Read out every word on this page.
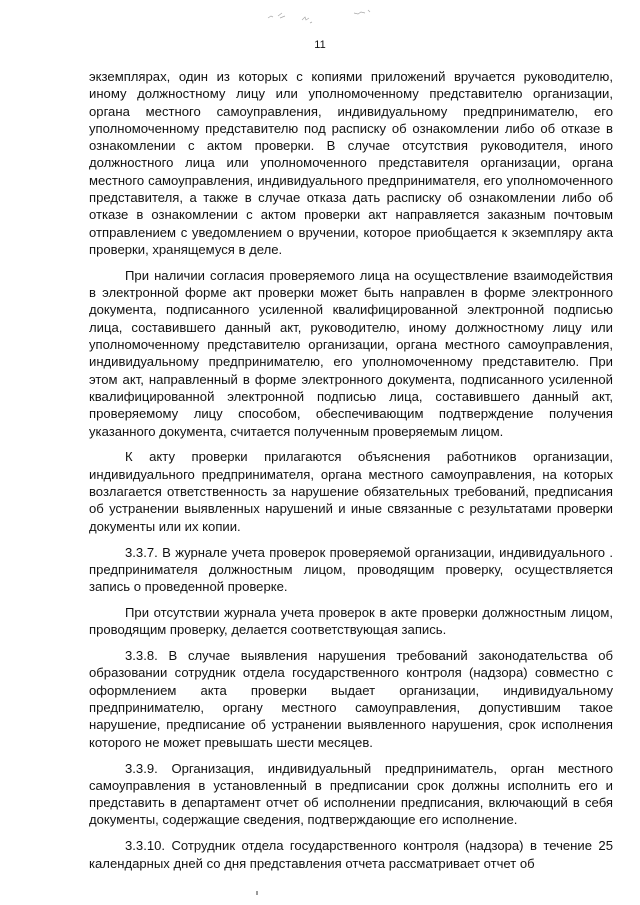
11

экземплярах, один из которых с копиями приложений вручается руководителю, иному должностному лицу или уполномоченному представителю организации, органа местного самоуправления, индивидуальному предпринимателю, его уполномоченному представителю под расписку об ознакомлении либо об отказе в ознакомлении с актом проверки. В случае отсутствия руководителя, иного должностного лица или уполномоченного представителя организации, органа местного самоуправления, индивидуального предпринимателя, его уполномоченного представителя, а также в случае отказа дать расписку об ознакомлении либо об отказе в ознакомлении с актом проверки акт направляется заказным почтовым отправлением с уведомлением о вручении, которое приобщается к экземпляру акта проверки, хранящемуся в деле.

При наличии согласия проверяемого лица на осуществление взаимодействия в электронной форме акт проверки может быть направлен в форме электронного документа, подписанного усиленной квалифицированной электронной подписью лица, составившего данный акт, руководителю, иному должностному лицу или уполномоченному представителю организации, органа местного самоуправления, индивидуальному предпринимателю, его уполномоченному представителю. При этом акт, направленный в форме электронного документа, подписанного усиленной квалифицированной электронной подписью лица, составившего данный акт, проверяемому лицу способом, обеспечивающим подтверждение получения указанного документа, считается полученным проверяемым лицом.

К акту проверки прилагаются объяснения работников организации, индивидуального предпринимателя, органа местного самоуправления, на которых возлагается ответственность за нарушение обязательных требований, предписания об устранении выявленных нарушений и иные связанные с результатами проверки документы или их копии.

3.3.7. В журнале учета проверок проверяемой организации, индивидуального . предпринимателя должностным лицом, проводящим проверку, осуществляется запись о проведенной проверке.

При отсутствии журнала учета проверок в акте проверки должностным лицом, проводящим проверку, делается соответствующая запись.

3.3.8. В случае выявления нарушения требований законодательства об образовании сотрудник отдела государственного контроля (надзора) совместно с оформлением акта проверки выдает организации, индивидуальному предпринимателю, органу местного самоуправления, допустившим такое нарушение, предписание об устранении выявленного нарушения, срок исполнения которого не может превышать шести месяцев.

3.3.9. Организация, индивидуальный предприниматель, орган местного самоуправления в установленный в предписании срок должны исполнить его и представить в департамент отчет об исполнении предписания, включающий в себя документы, содержащие сведения, подтверждающие его исполнение.

3.3.10. Сотрудник отдела государственного контроля (надзора) в течение 25 календарных дней со дня представления отчета рассматривает отчет об
